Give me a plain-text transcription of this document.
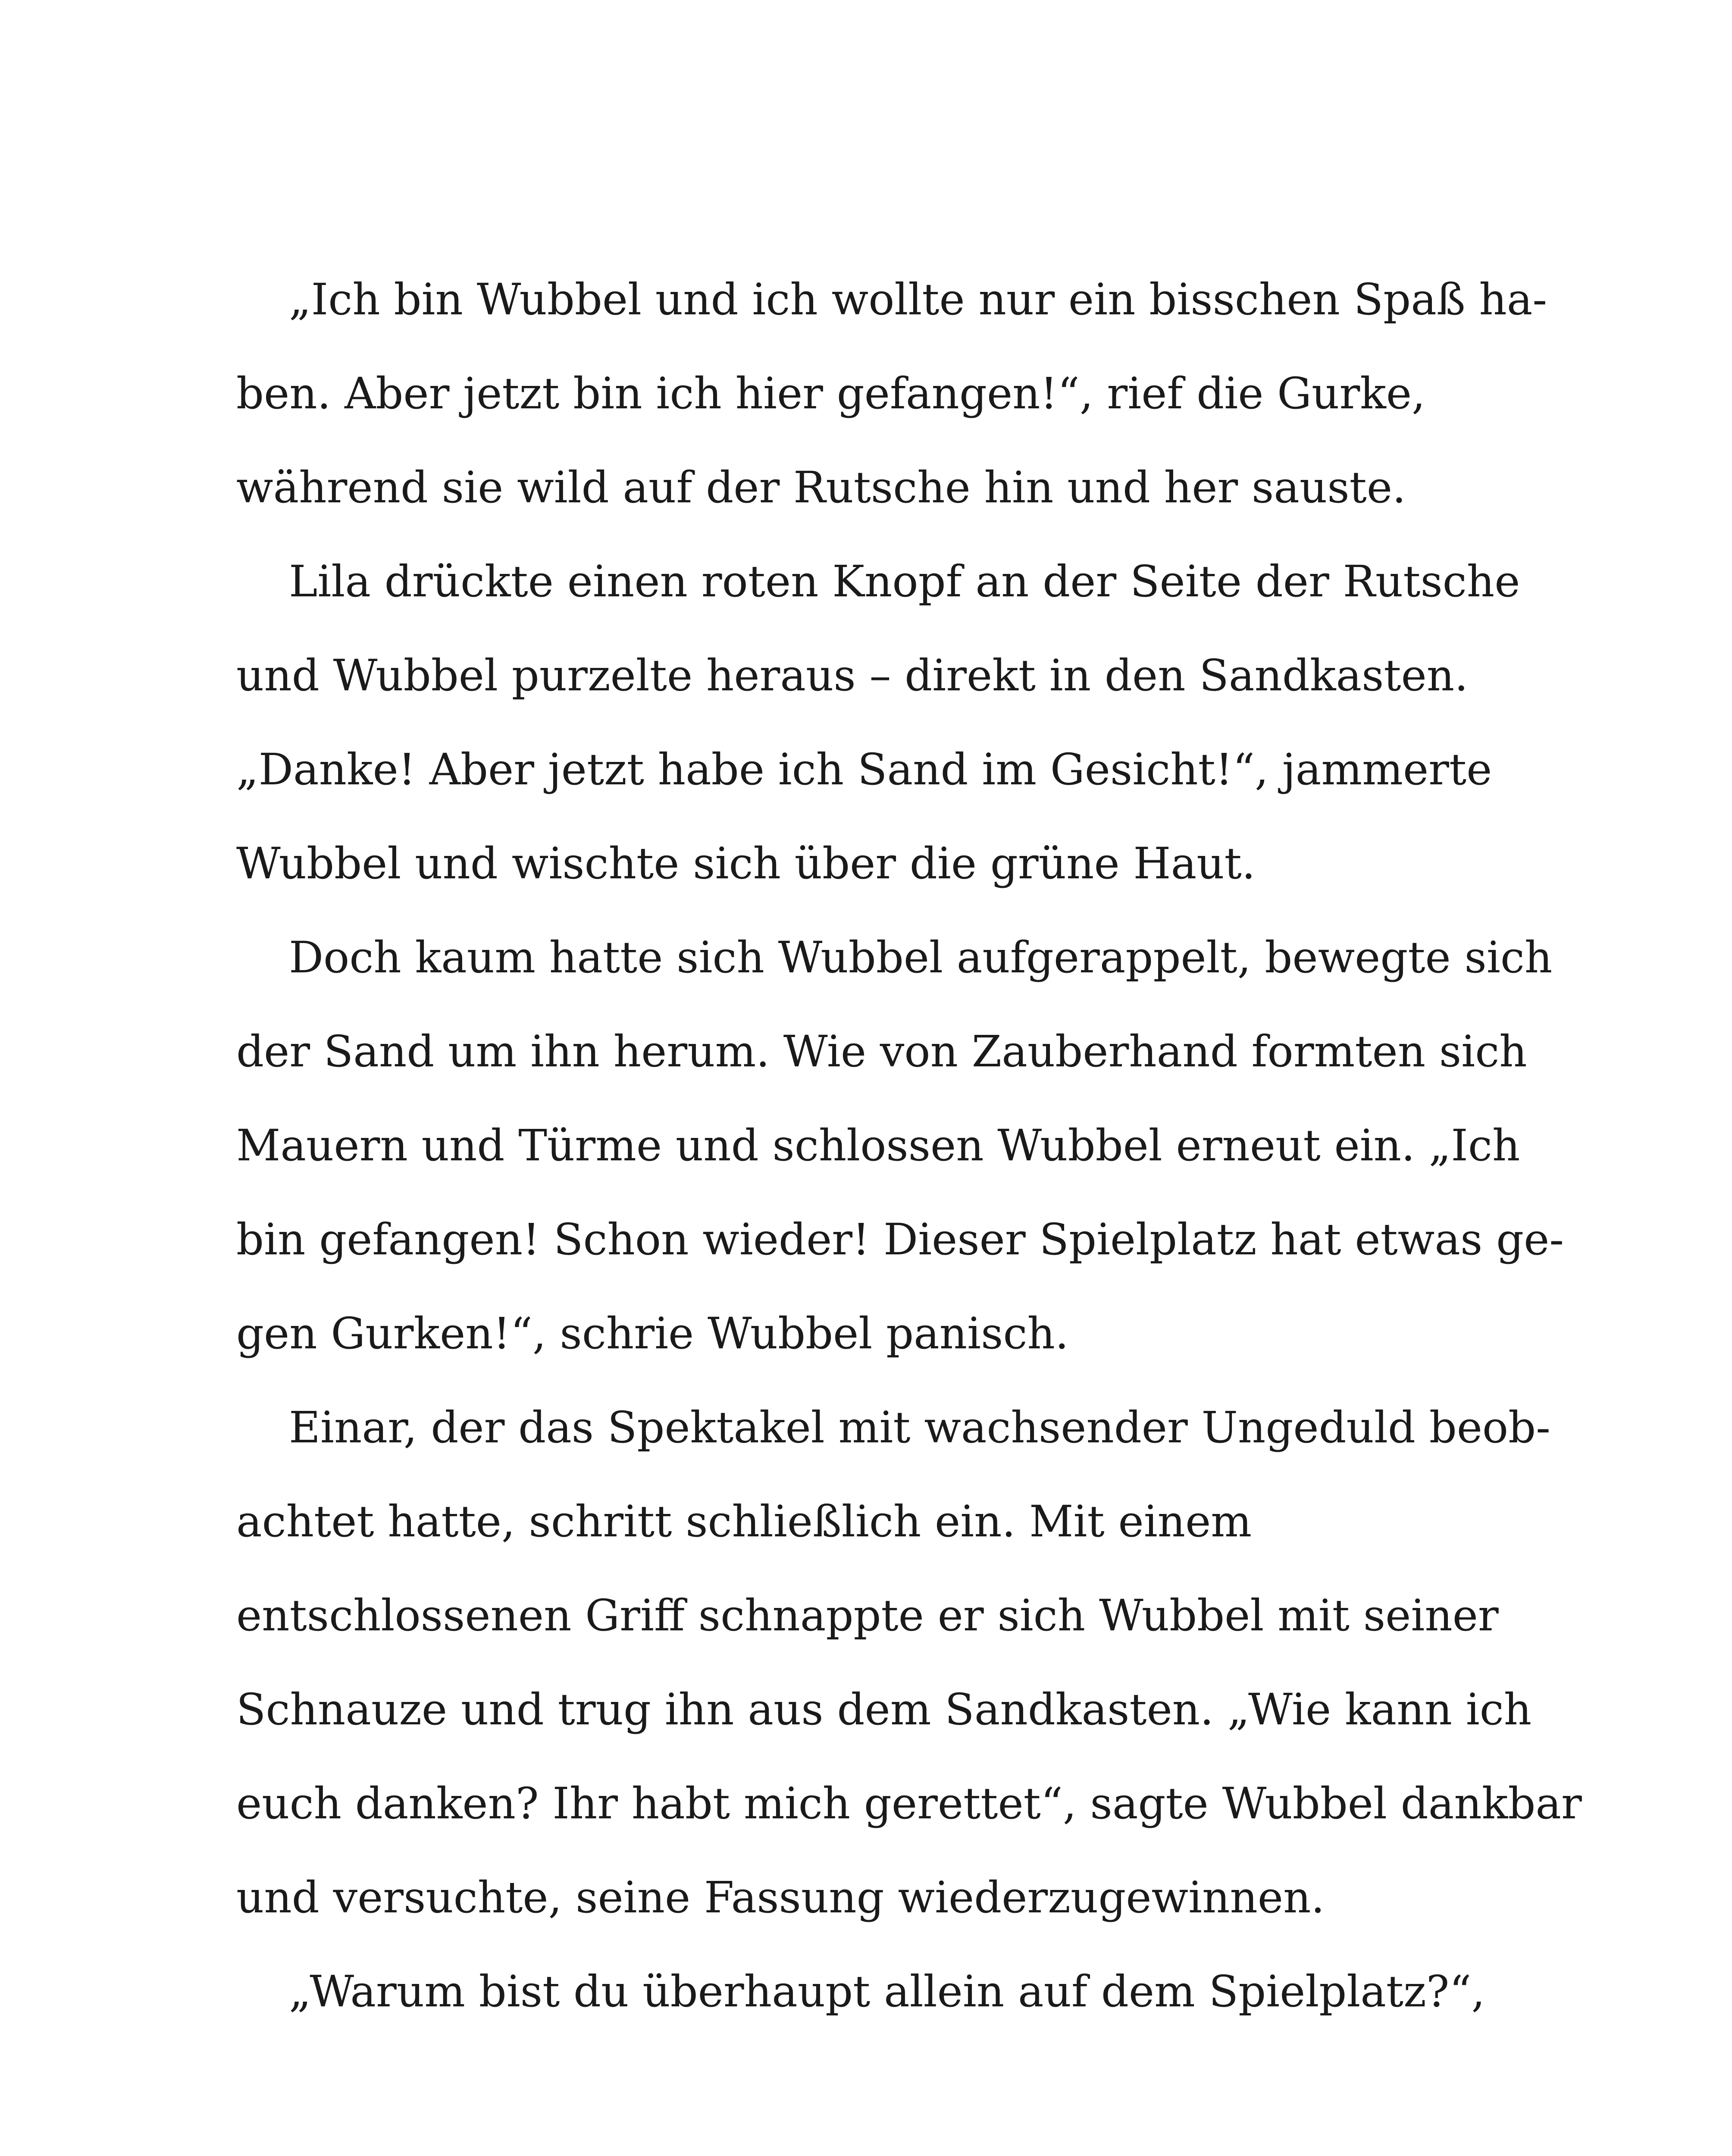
„Ich bin Wubbel und ich wollte nur ein bisschen Spaß ha-
ben. Aber jetzt bin ich hier gefangen!“, rief die Gurke,
während sie wild auf der Rutsche hin und her sauste.
Lila drückte einen roten Knopf an der Seite der Rutsche
und Wubbel purzelte heraus – direkt in den Sandkasten.
„Danke! Aber jetzt habe ich Sand im Gesicht!“, jammerte
Wubbel und wischte sich über die grüne Haut.
Doch kaum hatte sich Wubbel aufgerappelt, bewegte sich
der Sand um ihn herum. Wie von Zauberhand formten sich
Mauern und Türme und schlossen Wubbel erneut ein. „Ich
bin gefangen! Schon wieder! Dieser Spielplatz hat etwas ge-
gen Gurken!“, schrie Wubbel panisch.
Einar, der das Spektakel mit wachsender Ungeduld beob-
achtet hatte, schritt schließlich ein. Mit einem
entschlossenen Griff schnappte er sich Wubbel mit seiner
Schnauze und trug ihn aus dem Sandkasten. „Wie kann ich
euch danken? Ihr habt mich gerettet“, sagte Wubbel dankbar
und versuchte, seine Fassung wiederzugewinnen.
„Warum bist du überhaupt allein auf dem Spielplatz?“,
